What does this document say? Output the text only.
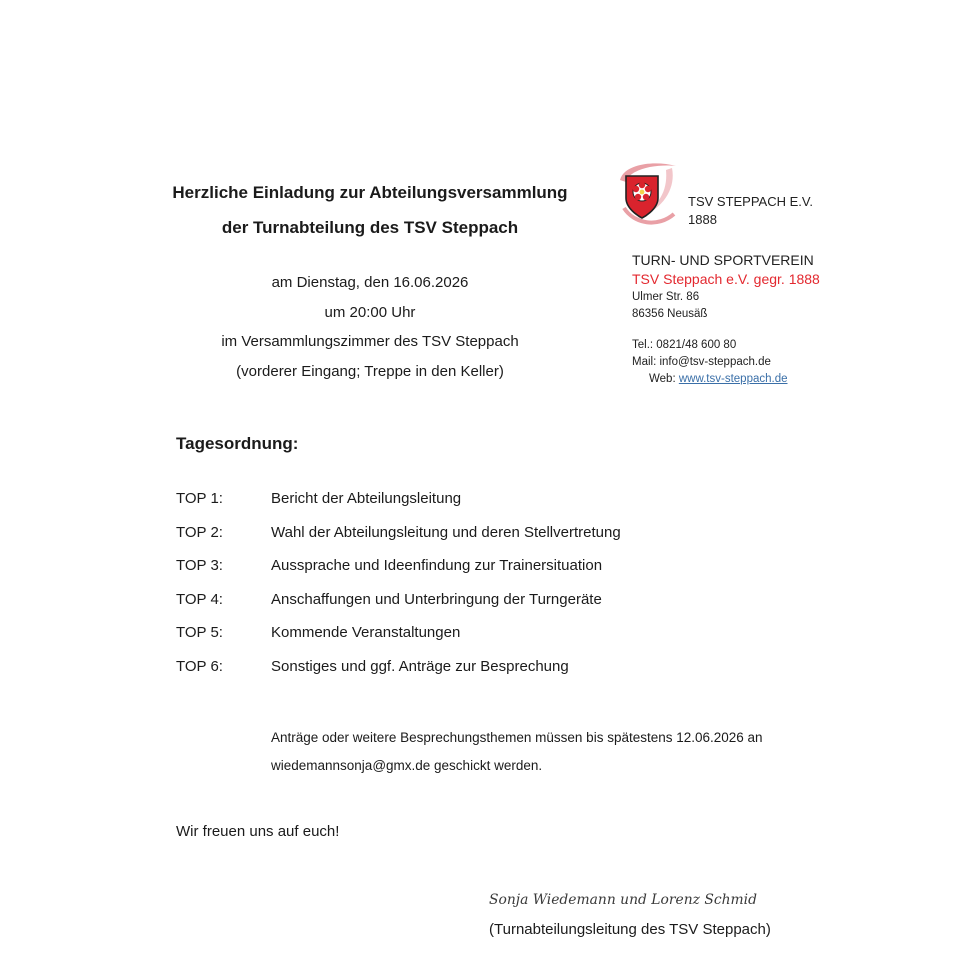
Herzliche Einladung zur Abteilungsversammlung
der Turnabteilung des TSV Steppach
am Dienstag, den 16.06.2026
um 20:00 Uhr
im Versammlungszimmer des TSV Steppach
(vorderer Eingang; Treppe in den Keller)
TSV STEPPACH E.V.
1888
TURN- UND SPORTVEREIN
TSV Steppach e.V. gegr. 1888
Ulmer Str. 86
86356 Neusäß
Tel.: 0821/48 600 80
Mail: info@tsv-steppach.de
Web: www.tsv-steppach.de
Tagesordnung:
TOP 1:	Bericht der Abteilungsleitung
TOP 2:	Wahl der Abteilungsleitung und deren Stellvertretung
TOP 3:	Aussprache und Ideenfindung zur Trainersituation
TOP 4:	Anschaffungen und Unterbringung der Turngeräte
TOP 5:	Kommende Veranstaltungen
TOP 6:	Sonstiges und ggf. Anträge zur Besprechung
Anträge oder weitere Besprechungsthemen müssen bis spätestens 12.06.2026 an
wiedemannsonja@gmx.de geschickt werden.
Wir freuen uns auf euch!
Sonja Wiedemann und Lorenz Schmid
(Turnabteilungsleitung des TSV Steppach)
